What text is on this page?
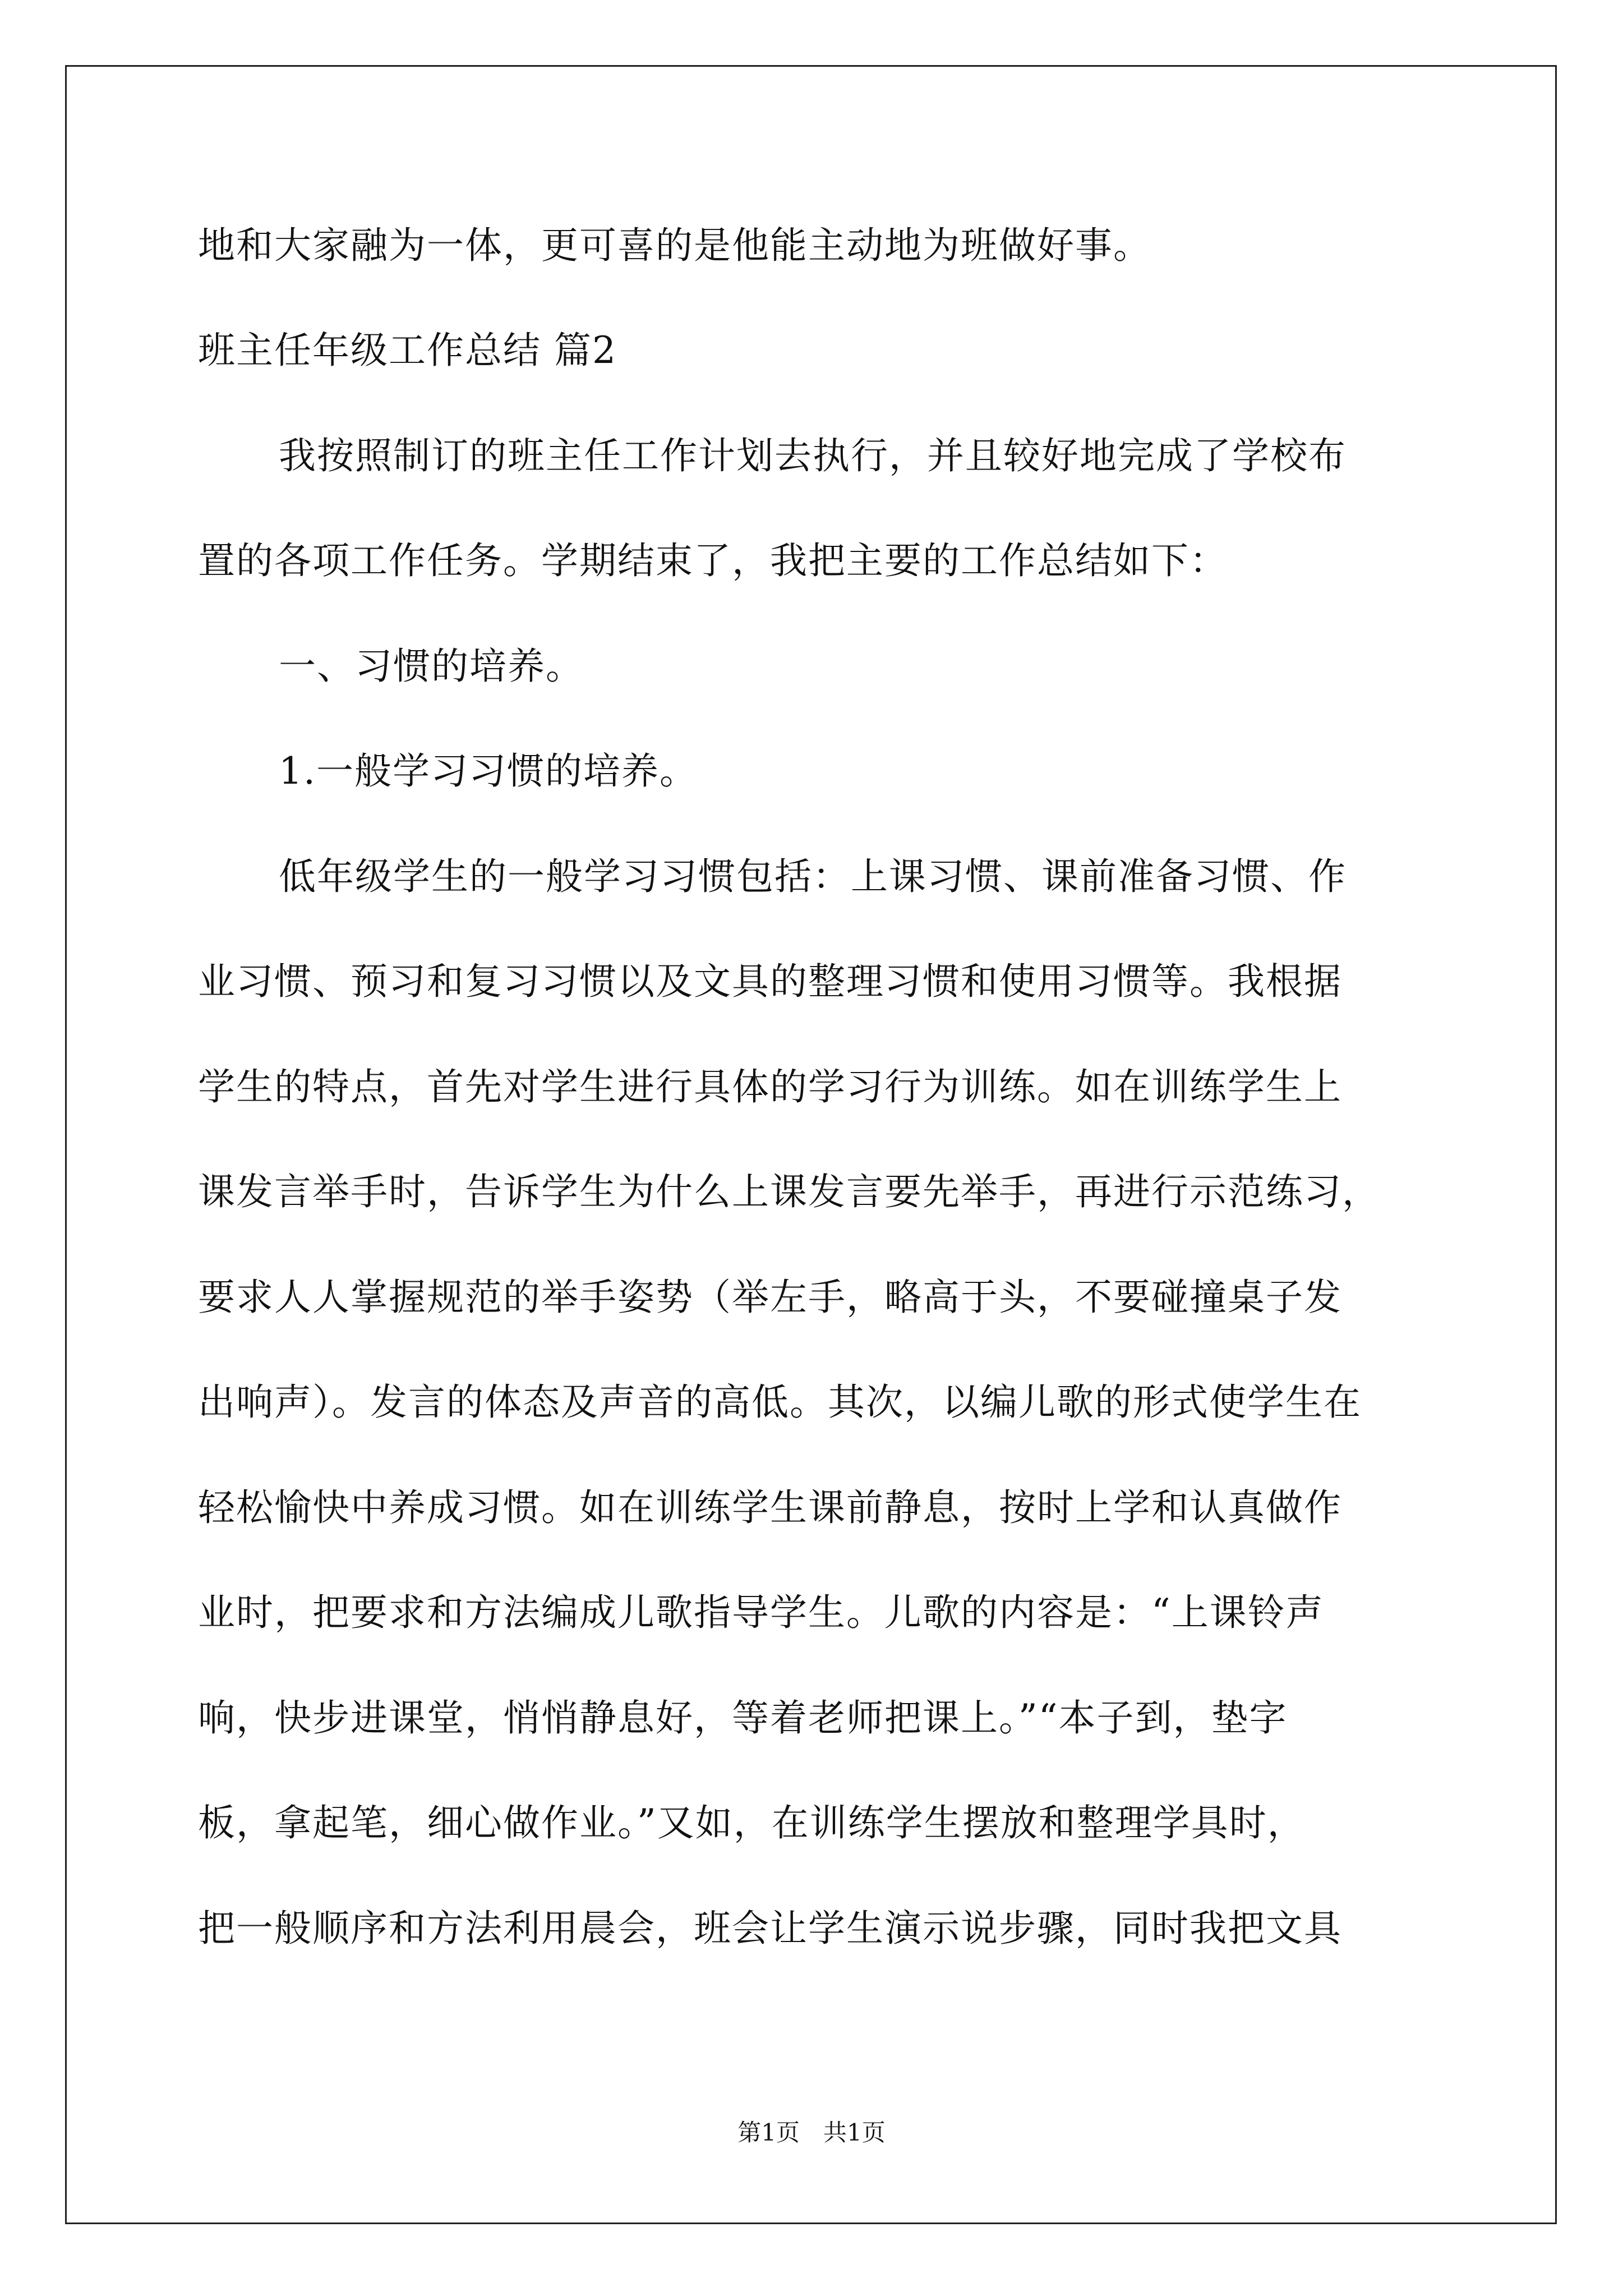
地和大家融为一体，更可喜的是他能主动地为班做好事。
班主任年级工作总结 篇2
我按照制订的班主任工作计划去执行，并且较好地完成了学校布
置的各项工作任务。学期结束了，我把主要的工作总结如下：
一、习惯的培养。
1.一般学习习惯的培养。
低年级学生的一般学习习惯包括：上课习惯、课前准备习惯、作
业习惯、预习和复习习惯以及文具的整理习惯和使用习惯等。我根据
学生的特点，首先对学生进行具体的学习行为训练。如在训练学生上
课发言举手时，告诉学生为什么上课发言要先举手，再进行示范练习，
要求人人掌握规范的举手姿势（举左手，略高于头，不要碰撞桌子发
出响声）。发言的体态及声音的高低。其次，以编儿歌的形式使学生在
轻松愉快中养成习惯。如在训练学生课前静息，按时上学和认真做作
业时，把要求和方法编成儿歌指导学生。儿歌的内容是：“上课铃声
响，快步进课堂，悄悄静息好，等着老师把课上。”“本子到，垫字
板，拿起笔，细心做作业。”又如，在训练学生摆放和整理学具时，
把一般顺序和方法利用晨会，班会让学生演示说步骤，同时我把文具
第1页　共1页
